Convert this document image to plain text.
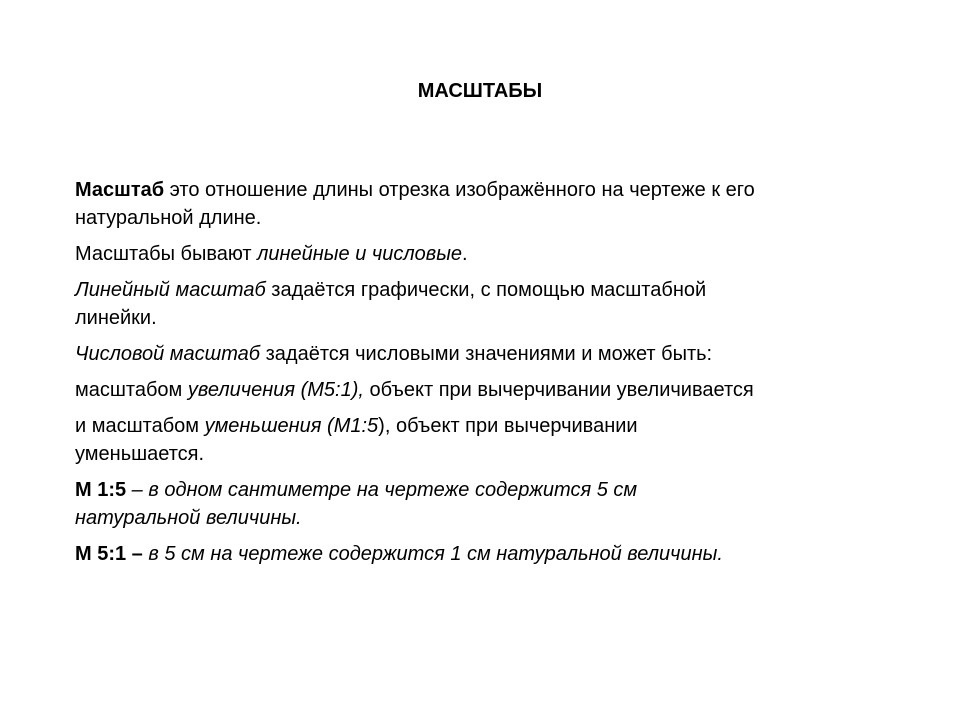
МАСШТАБЫ

Масштаб это отношение длины отрезка изображённого на чертеже к его
натуральной длине.

Масштабы бывают линейные и числовые.

Линейный масштаб задаётся графически, с помощью масштабной
линейки.

Числовой масштаб задаётся числовыми значениями и может быть:

масштабом увеличения (М5:1), объект при вычерчивании увеличивается

и масштабом уменьшения (М1:5), объект при вычерчивании
уменьшается.

М 1:5 – в одном сантиметре на чертеже содержится 5 см
натуральной величины.

М 5:1 – в 5 см на чертеже содержится 1 см натуральной величины.
